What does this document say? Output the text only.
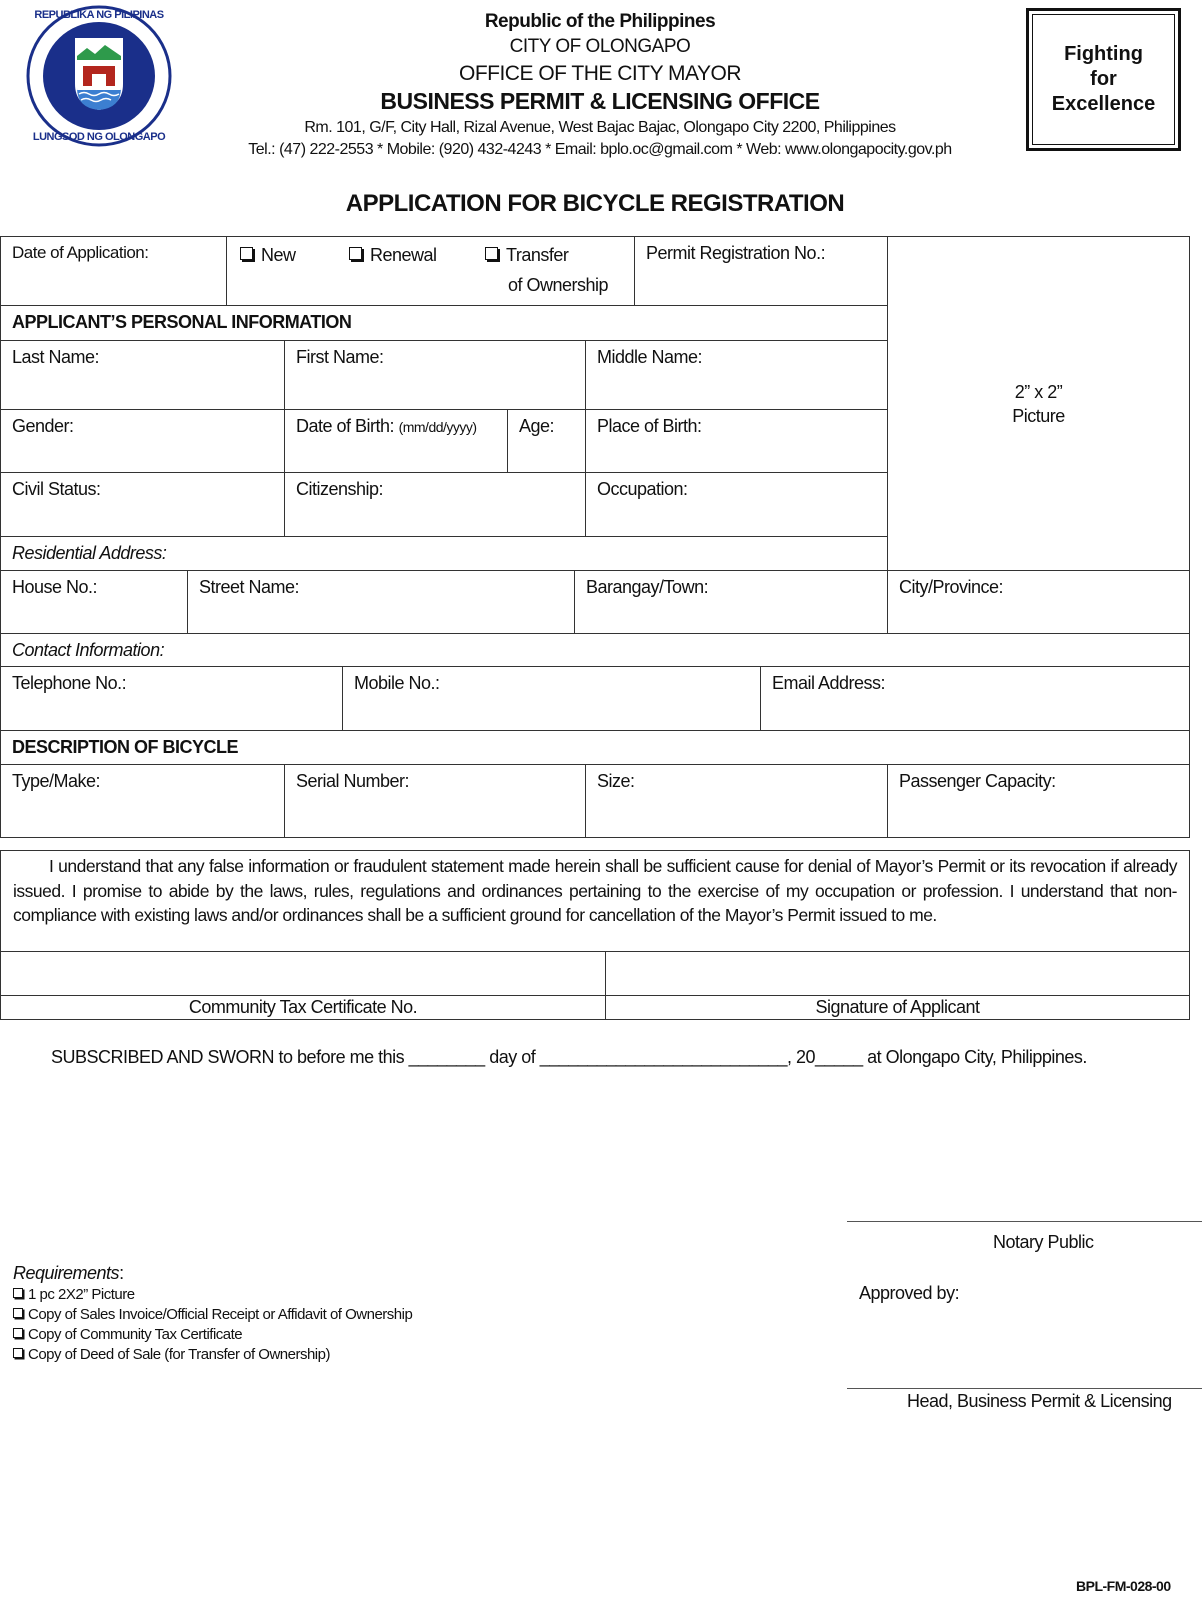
REPUBLIKA NG PILIPINAS
LUNGSOD NG OLONGAPO
Republic of the Philippines
CITY OF OLONGAPO
OFFICE OF THE CITY MAYOR
BUSINESS PERMIT & LICENSING OFFICE
Rm. 101, G/F, City Hall, Rizal Avenue, West Bajac Bajac, Olongapo City 2200, Philippines
Tel.: (47) 222-2553 * Mobile: (920) 432-4243 * Email: bplo.oc@gmail.com * Web: www.olongapocity.gov.ph
Fighting
for
Excellence
APPLICATION FOR BICYCLE REGISTRATION
Date of Application:	New	Renewal	Transfer
of Ownership
Permit Registration No.:
2” x 2”
Picture
APPLICANT’S PERSONAL INFORMATION
Last Name:	First Name:	Middle Name:
Gender:	Date of Birth: (mm/dd/yyyy)	Age:	Place of Birth:
Civil Status:	Citizenship:	Occupation:
Residential Address:
House No.:	Street Name:	Barangay/Town:	City/Province:
Contact Information:
Telephone No.:	Mobile No.:	Email Address:
DESCRIPTION OF BICYCLE
Type/Make:	Serial Number:	Size:	Passenger Capacity:
I understand that any false information or fraudulent statement made herein shall be sufficient cause for denial of Mayor’s Permit or its revocation if already issued. I promise to abide by the laws, rules, regulations and ordinances pertaining to the exercise of my occupation or profession. I understand that non-compliance with existing laws and/or ordinances shall be a sufficient ground for cancellation of the Mayor’s Permit issued to me.
Community Tax Certificate No.	Signature of Applicant
SUBSCRIBED AND SWORN to before me this ________ day of __________________________, 20_____ at Olongapo City, Philippines.
Notary Public
Approved by:
Head, Business Permit & Licensing
Requirements:
1 pc 2X2” Picture
Copy of Sales Invoice/Official Receipt or Affidavit of Ownership
Copy of Community Tax Certificate
Copy of Deed of Sale (for Transfer of Ownership)
BPL-FM-028-00
